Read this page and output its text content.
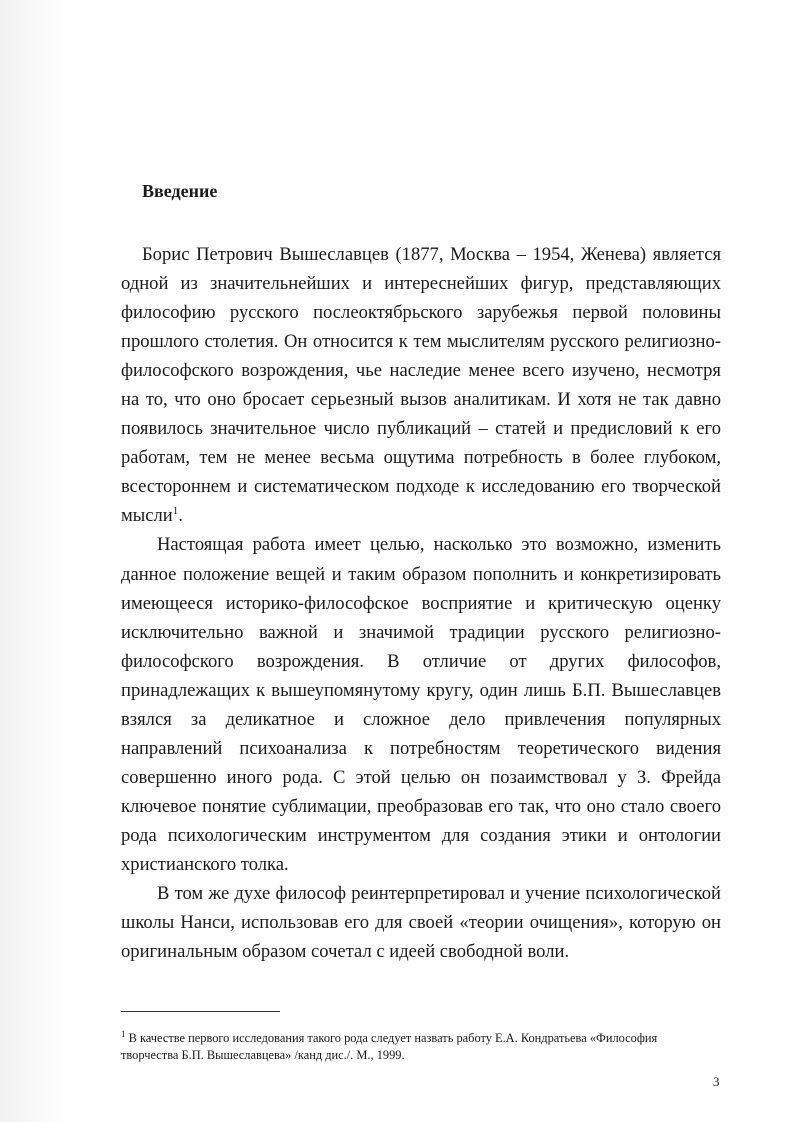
Введение

Борис Петрович Вышеславцев (1877, Москва – 1954, Женева) является одной из значительнейших и интереснейших фигур, представляющих философию русского послеоктябрьского зарубежья первой половины прошлого столетия. Он относится к тем мыслителям русского религиозно-философского возрождения, чье наследие менее всего изучено, несмотря на то, что оно бросает серьезный вызов аналитикам. И хотя не так давно появилось значительное число публикаций – статей и предисловий к его работам, тем не менее весьма ощутима потребность в более глубоком, всестороннем и систематическом подходе к исследованию его творческой мысли$^1$.

Настоящая работа имеет целью, насколько это возможно, изменить данное положение вещей и таким образом пополнить и конкретизировать имеющееся историко-философское восприятие и критическую оценку исключительно важной и значимой традиции русского религиозно-философского возрождения. В отличие от других философов, принадлежащих к вышеупомянутому кругу, один лишь Б.П. Вышеславцев взялся за деликатное и сложное дело привлечения популярных направлений психоанализа к потребностям теоретического видения совершенно иного рода. С этой целью он позаимствовал у З. Фрейда ключевое понятие сублимации, преобразовав его так, что оно стало своего рода психологическим инструментом для создания этики и онтологии христианского толка.

В том же духе философ реинтерпретировал и учение психологической школы Нанси, использовав его для своей «теории очищения», которую он оригинальным образом сочетал с идеей свободной воли.

$^1$ В качестве первого исследования такого рода следует назвать работу Е.А. Кондратьева «Философия творчества Б.П. Вышеславцева» /канд дис./. М., 1999.
3
